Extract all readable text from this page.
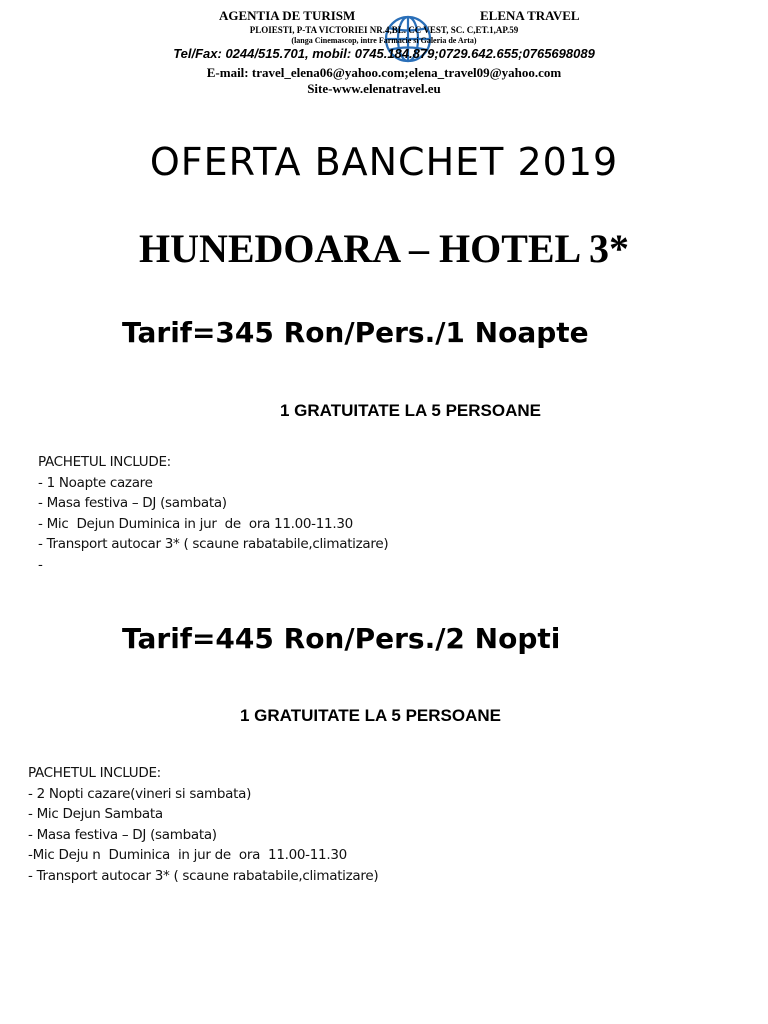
AGENTIA DE TURISM	ELENA TRAVEL
PLOIESTI, P-TA VICTORIEI NR.4,BL. CC VEST, SC. C,ET.1,AP.59
(langa Cinemascop, intre Farmacie si Galeria de Arta)
Tel/Fax: 0244/515.701, mobil: 0745.184.879;0729.642.655;0765698089
E-mail: travel_elena06@yahoo.com;elena_travel09@yahoo.com
Site-www.elenatravel.eu
OFERTA BANCHET 2019
HUNEDOARA – HOTEL 3*
Tarif=345 Ron/Pers./1 Noapte
1 GRATUITATE LA 5 PERSOANE
PACHETUL INCLUDE:
- 1 Noapte cazare
- Masa festiva – DJ (sambata)
- Mic  Dejun Duminica in jur  de  ora 11.00-11.30
- Transport autocar 3* ( scaune rabatabile,climatizare)
-
Tarif=445 Ron/Pers./2 Nopti
1 GRATUITATE LA 5 PERSOANE
PACHETUL INCLUDE:
- 2 Nopti cazare(vineri si sambata)
- Mic Dejun Sambata
- Masa festiva – DJ (sambata)
-Mic Deju n  Duminica  in jur de  ora  11.00-11.30
- Transport autocar 3* ( scaune rabatabile,climatizare)
